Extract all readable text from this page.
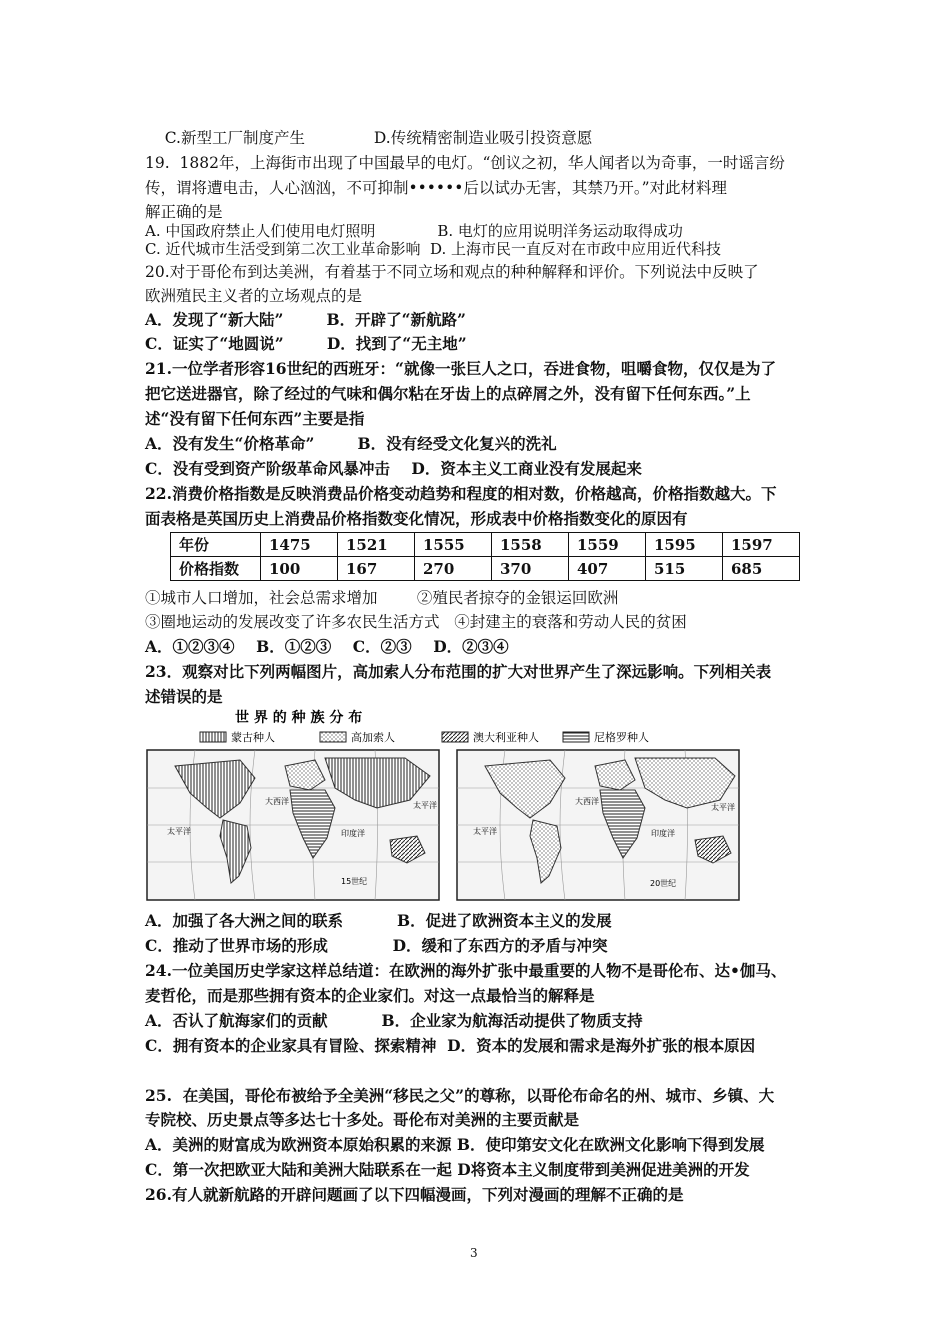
C.新型工厂制度产生              D.传统精密制造业吸引投资意愿
19.  1882年，上海街市出现了中国最早的电灯。“创议之初，华人闻者以为奇事，一时谣言纷
传，谓将遭电击，人心汹汹，不可抑制••••••后以试办无害，其禁乃开。”对此材料理
解正确的是
A. 中国政府禁止人们使用电灯照明             B. 电灯的应用说明洋务运动取得成功
C. 近代城市生活受到第二次工业革命影响  D. 上海市民一直反对在市政中应用近代科技
20.对于哥伦布到达美洲，有着基于不同立场和观点的种种解释和评价。下列说法中反映了
欧洲殖民主义者的立场观点的是
A．发现了“新大陆”        B．开辟了“新航路”
C．证实了“地圆说”        D．找到了“无主地”
21.一位学者形容16世纪的西班牙：“就像一张巨人之口，吞进食物，咀嚼食物，仅仅是为了
把它送进器官，除了经过的气味和偶尔粘在牙齿上的点碎屑之外，没有留下任何东西。”上
述“没有留下任何东西”主要是指
A．没有发生“价格革命”        B．没有经受文化复兴的洗礼
C．没有受到资产阶级革命风暴冲击    D．资本主义工商业没有发展起来
22.消费价格指数是反映消费品价格变动趋势和程度的相对数，价格越高，价格指数越大。下
面表格是英国历史上消费品价格指数变化情况，形成表中价格指数变化的原因有
年份	1475	1521	1555	1558	1559	1595	1597
价格指数	100	167	270	370	407	515	685
①城市人口增加，社会总需求增加        ②殖民者掠夺的金银运回欧洲
③圈地运动的发展改变了许多农民生活方式   ④封建主的衰落和劳动人民的贫困
A．①②③④    B．①②③    C．②③    D．②③④
23．观察对比下列两幅图片，高加索人分布范围的扩大对世界产生了深远影响。下列相关表
述错误的是
世 界 的 种 族 分 布
蒙古种人	高加索人	澳大利亚种人	尼格罗种人
大西洋
太平洋	印度洋
太平洋
15世纪
大西洋
太平洋	印度洋
太平洋
20世纪
A．加强了各大洲之间的联系          B．促进了欧洲资本主义的发展
C．推动了世界市场的形成            D．缓和了东西方的矛盾与冲突
24.一位美国历史学家这样总结道：在欧洲的海外扩张中最重要的人物不是哥伦布、达•伽马、
麦哲伦，而是那些拥有资本的企业家们。对这一点最恰当的解释是
A．否认了航海家们的贡献          B．企业家为航海活动提供了物质支持
C．拥有资本的企业家具有冒险、探索精神  D．资本的发展和需求是海外扩张的根本原因
25.  在美国，哥伦布被给予全美洲“移民之父”的尊称，以哥伦布命名的州、城市、乡镇、大
专院校、历史景点等多达七十多处。哥伦布对美洲的主要贡献是
A．美洲的财富成为欧洲资本原始积累的来源 B．使印第安文化在欧洲文化影响下得到发展
C．第一次把欧亚大陆和美洲大陆联系在一起 D将资本主义制度带到美洲促进美洲的开发
26.有人就新航路的开辟问题画了以下四幅漫画，下列对漫画的理解不正确的是
3
